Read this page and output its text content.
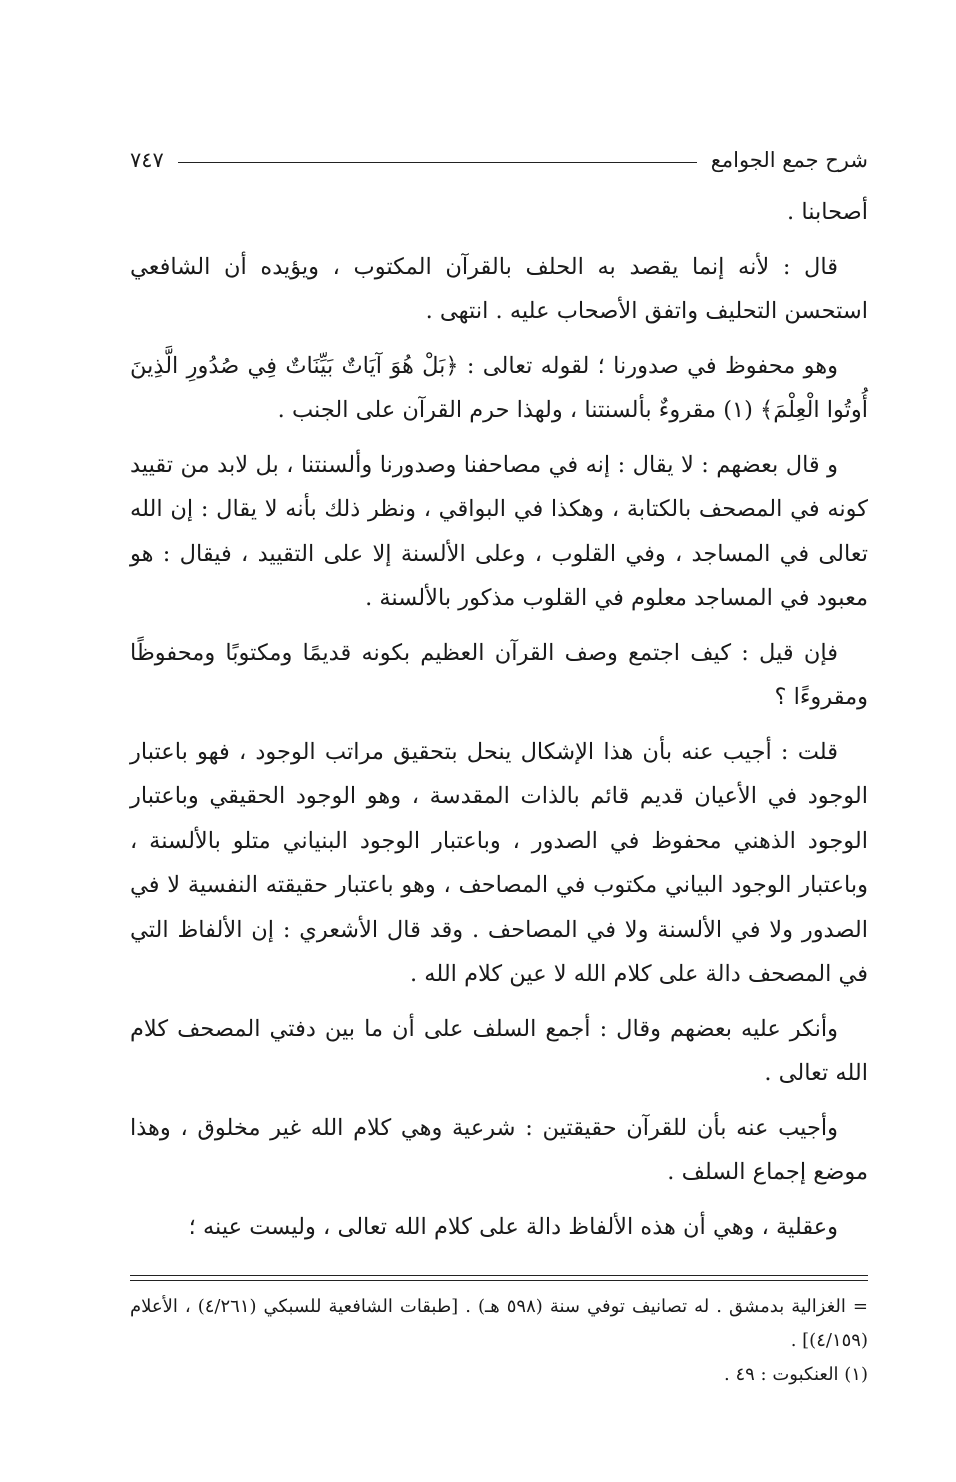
شرح جمع الجوامع
٧٤٧

أصحابنا .

قال : لأنه إنما يقصد به الحلف بالقرآن المكتوب ، ويؤيده أن الشافعي استحسن التحليف واتفق الأصحاب عليه . انتهى .

وهو محفوظ في صدورنا ؛ لقوله تعالى : ﴿بَلْ هُوَ آيَاتٌ بَيِّنَاتٌ فِي صُدُورِ الَّذِينَ أُوتُوا الْعِلْمَ﴾ (١) مقروءٌ بألسنتنا ، ولهذا حرم القرآن على الجنب .

و قال بعضهم : لا يقال : إنه في مصاحفنا وصدورنا وألسنتنا ، بل لابد من تقييد كونه في المصحف بالكتابة ، وهكذا في البواقي ، ونظر ذلك بأنه لا يقال : إن الله تعالى في المساجد ، وفي القلوب ، وعلى الألسنة إلا على التقييد ، فيقال : هو معبود في المساجد معلوم في القلوب مذكور بالألسنة .

فإن قيل : كيف اجتمع وصف القرآن العظيم بكونه قديمًا ومكتوبًا ومحفوظًا ومقروءًا ؟

قلت : أجيب عنه بأن هذا الإشكال ينحل بتحقيق مراتب الوجود ، فهو باعتبار الوجود في الأعيان قديم قائم بالذات المقدسة ، وهو الوجود الحقيقي وباعتبار الوجود الذهني محفوظ في الصدور ، وباعتبار الوجود البنياني متلو بالألسنة ، وباعتبار الوجود البياني مكتوب في المصاحف ، وهو باعتبار حقيقته النفسية لا في الصدور ولا في الألسنة ولا في المصاحف . وقد قال الأشعري : إن الألفاظ التي في المصحف دالة على كلام الله لا عين كلام الله .

وأنكر عليه بعضهم وقال : أجمع السلف على أن ما بين دفتي المصحف كلام الله تعالى .

وأجيب عنه بأن للقرآن حقيقتين : شرعية وهي كلام الله غير مخلوق ، وهذا موضع إجماع السلف .

وعقلية ، وهي أن هذه الألفاظ دالة على كلام الله تعالى ، وليست عينه ؛

= الغزالية بدمشق . له تصانيف توفي سنة (٥٩٨ هـ) . [طبقات الشافعية للسبكي (٤/٢٦١) ، الأعلام (٤/١٥٩)] .

(١) العنكبوت : ٤٩ .
